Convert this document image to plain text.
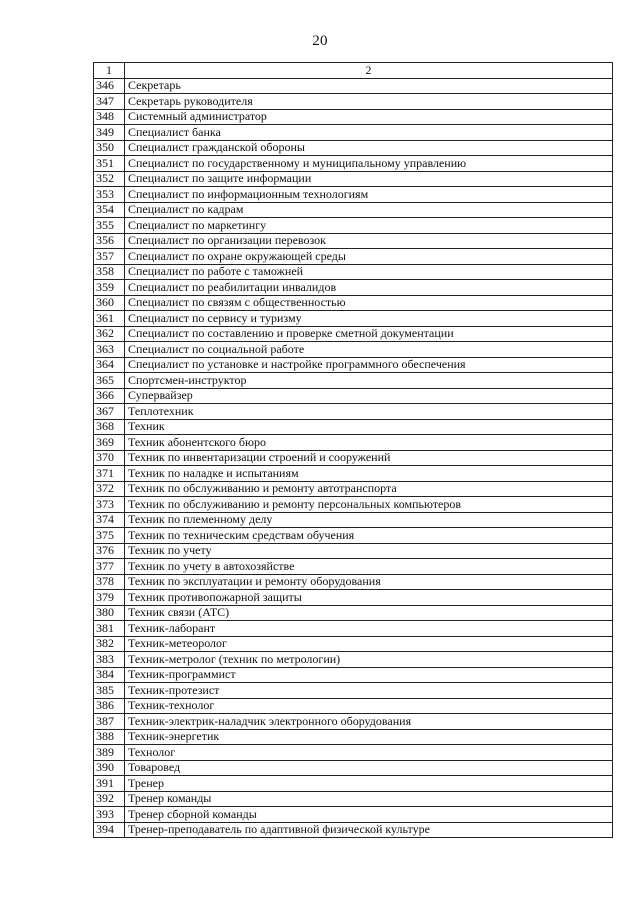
20
1	2
346	Секретарь
347	Секретарь руководителя
348	Системный администратор
349	Специалист банка
350	Специалист гражданской обороны
351	Специалист по государственному и муниципальному управлению
352	Специалист по защите информации
353	Специалист по информационным технологиям
354	Специалист по кадрам
355	Специалист по маркетингу
356	Специалист по организации перевозок
357	Специалист по охране окружающей среды
358	Специалист по работе с таможней
359	Специалист по реабилитации инвалидов
360	Специалист по связям с общественностью
361	Специалист по сервису и туризму
362	Специалист по составлению и проверке сметной документации
363	Специалист по социальной работе
364	Специалист по установке и настройке программного обеспечения
365	Спортсмен-инструктор
366	Супервайзер
367	Теплотехник
368	Техник
369	Техник абонентского бюро
370	Техник по инвентаризации строений и сооружений
371	Техник по наладке и испытаниям
372	Техник по обслуживанию и ремонту автотранспорта
373	Техник по обслуживанию и ремонту персональных компьютеров
374	Техник по племенному делу
375	Техник по техническим средствам обучения
376	Техник по учету
377	Техник по учету в автохозяйстве
378	Техник по эксплуатации и ремонту оборудования
379	Техник противопожарной защиты
380	Техник связи (АТС)
381	Техник-лаборант
382	Техник-метеоролог
383	Техник-метролог (техник по метрологии)
384	Техник-программист
385	Техник-протезист
386	Техник-технолог
387	Техник-электрик-наладчик электронного оборудования
388	Техник-энергетик
389	Технолог
390	Товаровед
391	Тренер
392	Тренер команды
393	Тренер сборной команды
394	Тренер-преподаватель по адаптивной физической культуре
